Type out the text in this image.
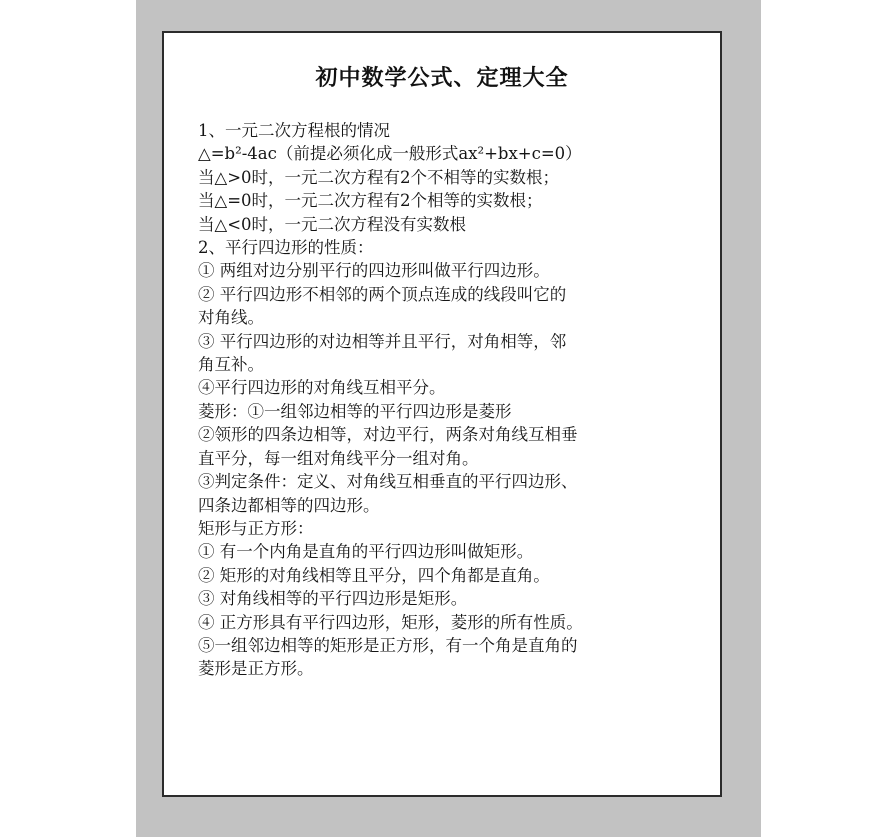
初中数学公式、定理大全
1、一元二次方程根的情况
△=b²-4ac（前提必须化成一般形式ax²+bx+c=0）
当△>0时，一元二次方程有2个不相等的实数根；
当△=0时，一元二次方程有2个相等的实数根；
当△<0时，一元二次方程没有实数根
2、平行四边形的性质：
① 两组对边分别平行的四边形叫做平行四边形。
② 平行四边形不相邻的两个顶点连成的线段叫它的
对角线。
③ 平行四边形的对边相等并且平行，对角相等，邻
角互补。
④平行四边形的对角线互相平分。
菱形：①一组邻边相等的平行四边形是菱形
②领形的四条边相等，对边平行，两条对角线互相垂
直平分，每一组对角线平分一组对角。
③判定条件：定义、对角线互相垂直的平行四边形、
四条边都相等的四边形。
矩形与正方形：
① 有一个内角是直角的平行四边形叫做矩形。
② 矩形的对角线相等且平分，四个角都是直角。
③ 对角线相等的平行四边形是矩形。
④ 正方形具有平行四边形，矩形，菱形的所有性质。
⑤一组邻边相等的矩形是正方形，有一个角是直角的
菱形是正方形。
